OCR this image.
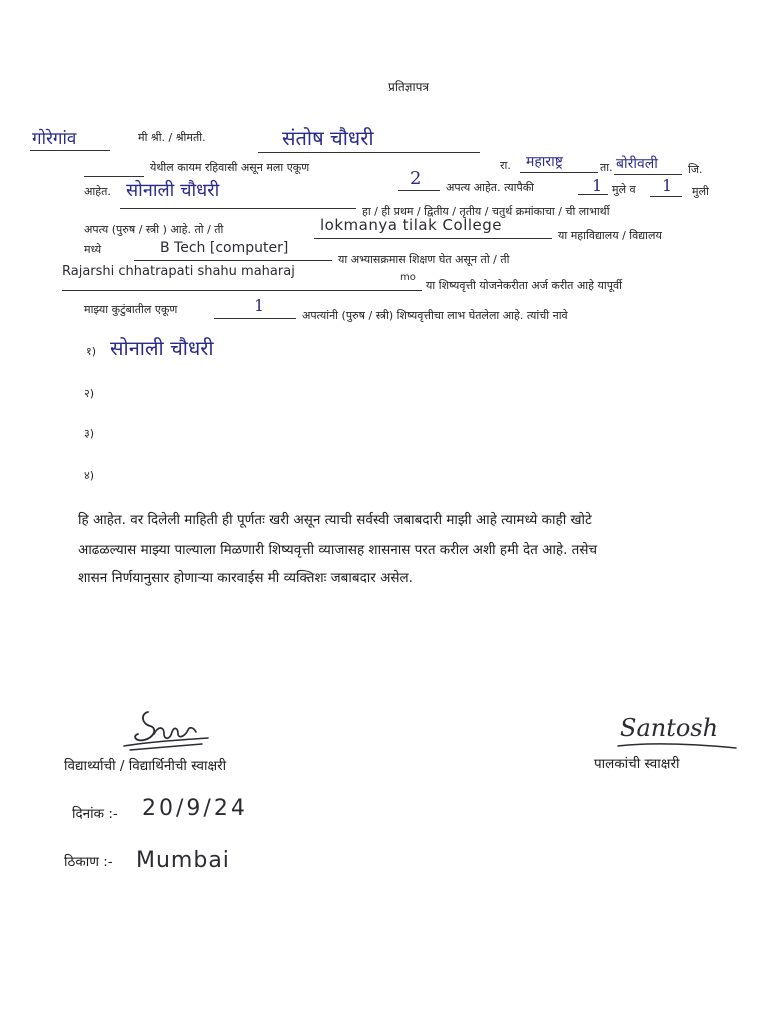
प्रतिज्ञापत्र
गोरेगांव	मी श्री. / श्रीमती.	संतोष चौधरी
येथील कायम रहिवासी असून मला एकूण	रा. महाराष्ट्र	ता. बोरीवली	जि.
आहेत. सोनाली चौधरी
2 अपत्य आहेत. त्यापैकी	1 मुले व 1 मुली
हा / ही प्रथम / द्वितीय / तृतीय / चतुर्थ क्रमांकाचा / ची लाभार्थी
अपत्य (पुरुष / स्त्री ) आहे. तो / ती	lokmanya tilak College
या महाविद्यालय / विद्यालय
मध्ये	B Tech [computer]
या अभ्यासक्रमास शिक्षण घेत असून तो / ती
Rajarshi chhatrapati shahu maharaj	mo
या शिष्यवृत्ती योजनेकरीता अर्ज करीत आहे यापूर्वी
माझ्या कुटुंबातील एकूण	1
अपत्यांनी (पुरुष / स्त्री) शिष्यवृत्तीचा लाभ घेतलेला आहे. त्यांची नावे
१) सोनाली चौधरी
२)
३)
४)
हि आहेत. वर दिलेली माहिती ही पूर्णतः खरी असून त्याची सर्वस्वी जबाबदारी माझी आहे त्यामध्ये काही खोटे
आढळल्यास माझ्या पाल्याला मिळणारी शिष्यवृत्ती व्याजासह शासनास परत करील अशी हमी देत आहे. तसेच
शासन निर्णयानुसार होणाऱ्या कारवाईस मी व्यक्तिशः जबाबदार असेल.
विद्यार्थ्याची / विद्यार्थिनीची स्वाक्षरी
Santosh
पालकांची स्वाक्षरी
दिनांक :- 20/9/24
ठिकाण :- Mumbai
